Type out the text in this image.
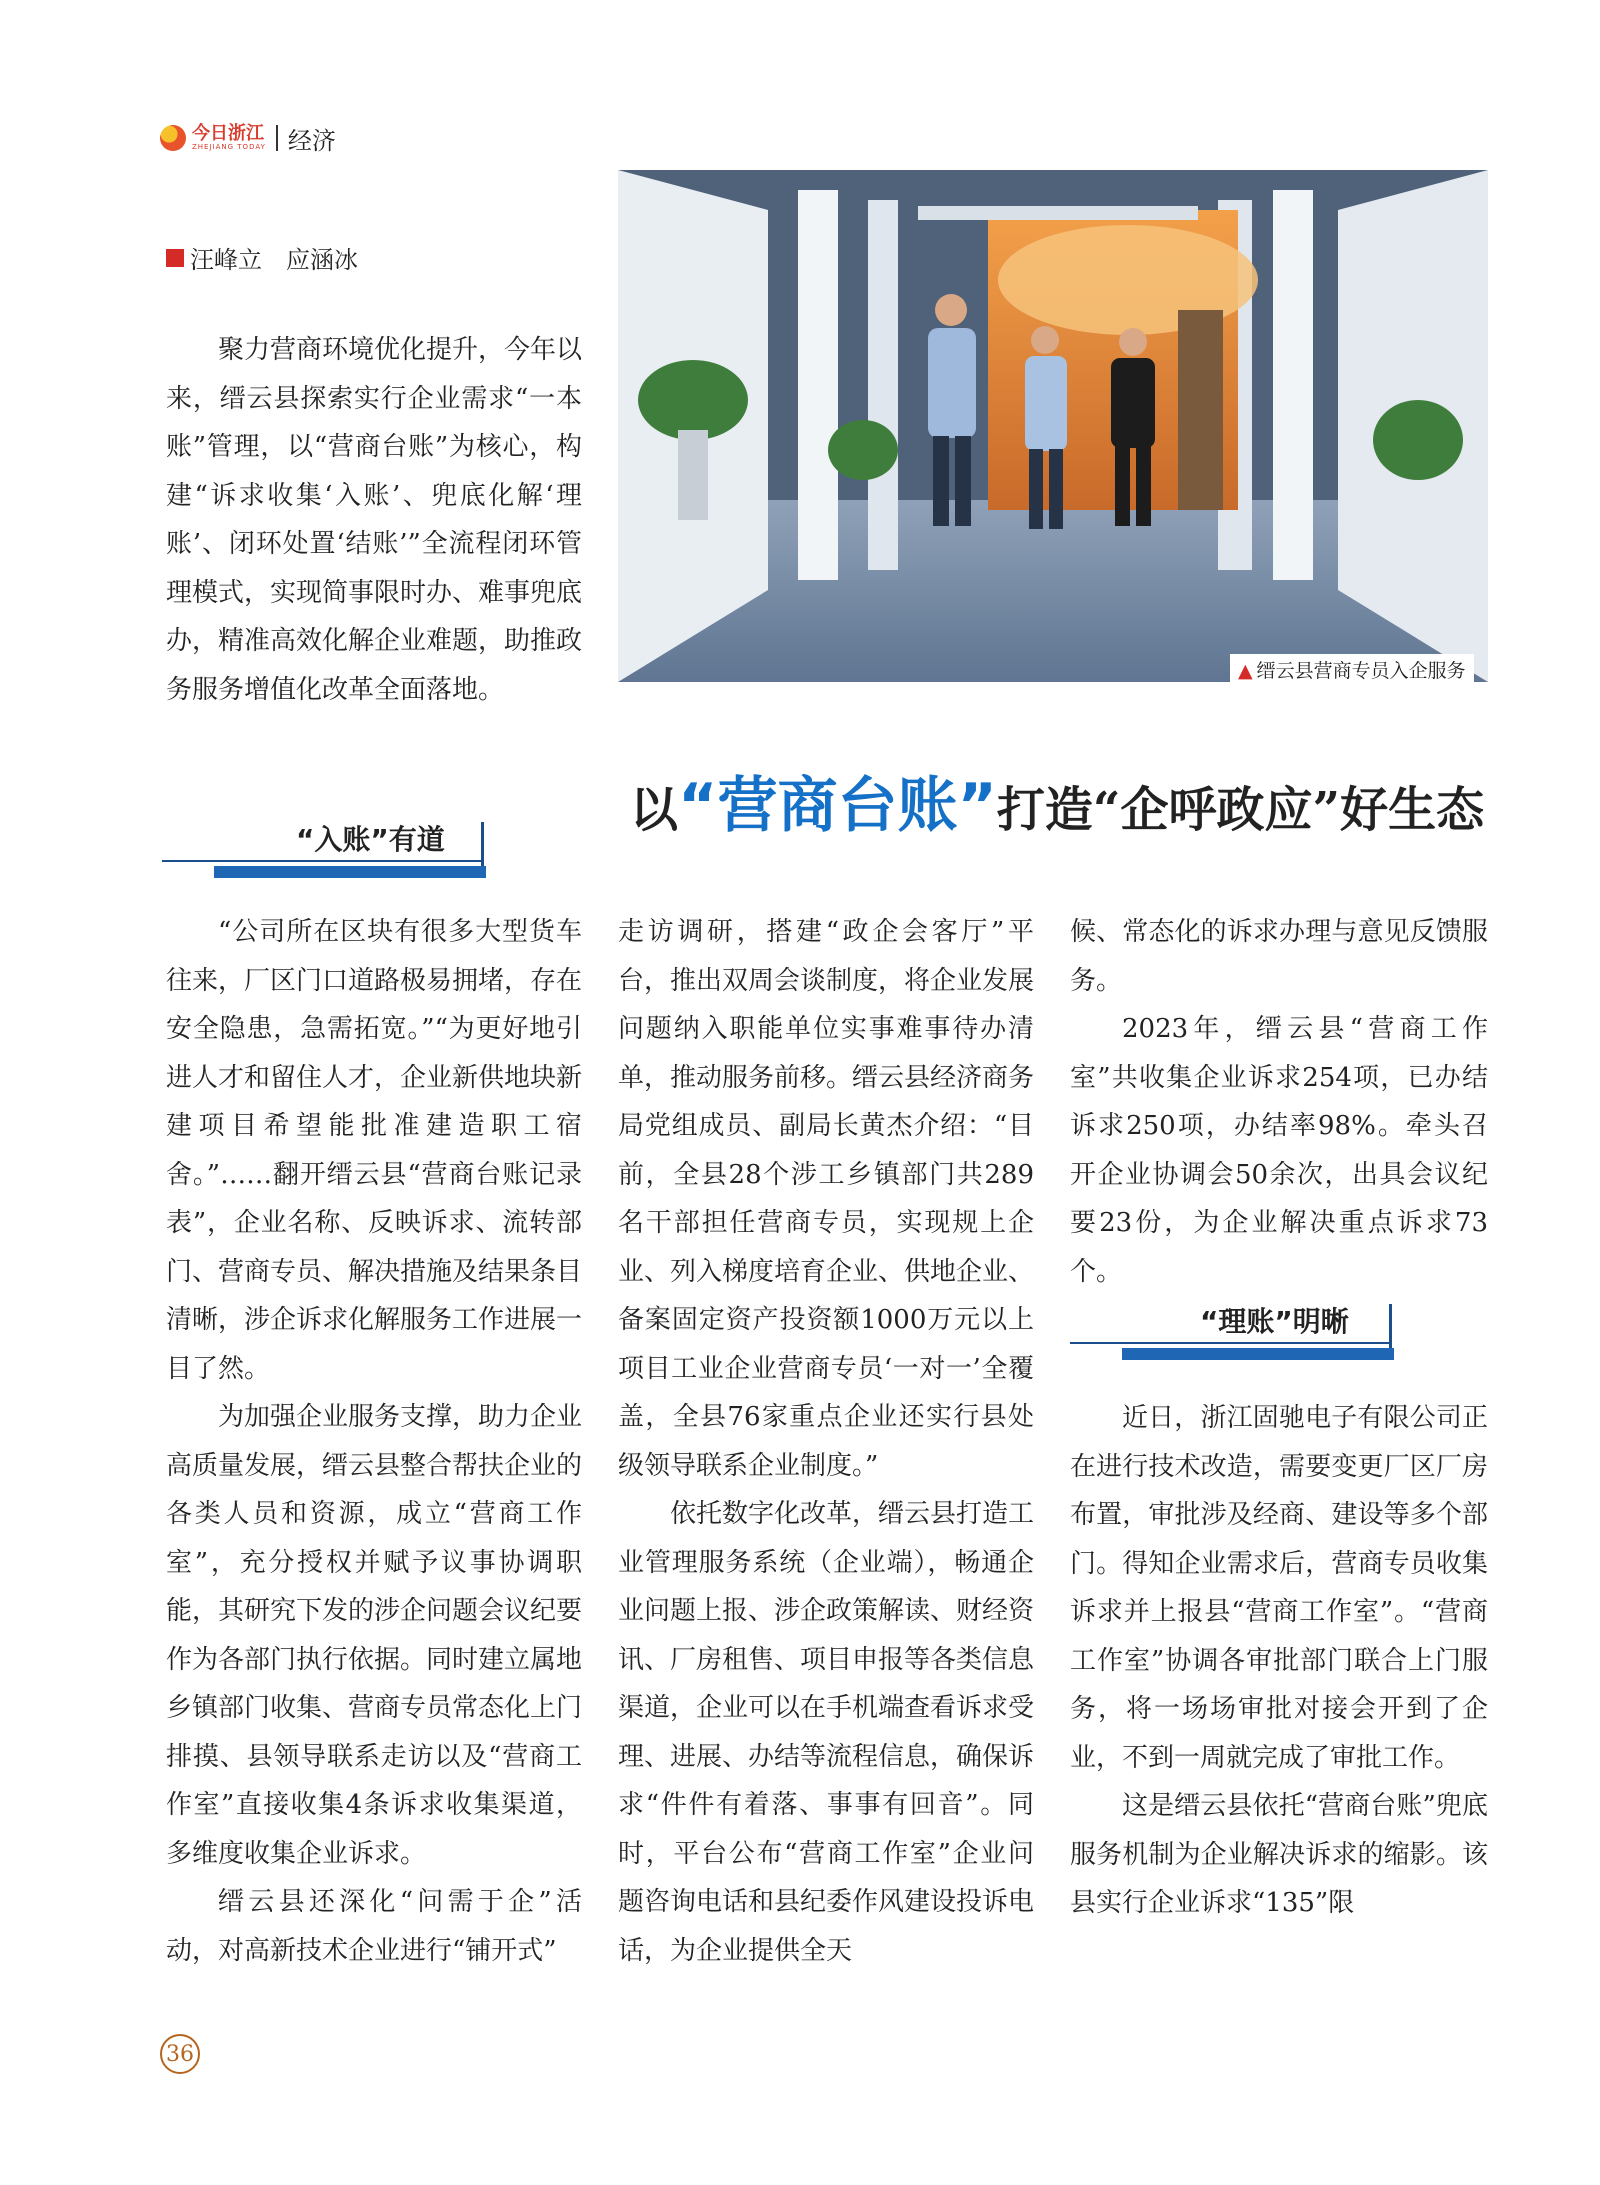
今日浙江
ZHEJIANG TODAY 经济
汪峰立　应涵冰

聚力营商环境优化提升，今年以来，缙云县探索实行企业需求“一本账”管理，以“营商台账”为核心，构建“诉求收集‘入账’、兜底化解‘理账’、闭环处置‘结账’”全流程闭环管理模式，实现简事限时办、难事兜底办，精准高效化解企业难题，助推政务服务增值化改革全面落地。

▲ 缙云县营商专员入企服务
以 “营商台账” 打造“企呼政应”好生态
“入账”有道

“公司所在区块有很多大型货车往来，厂区门口道路极易拥堵，存在安全隐患，急需拓宽。”“为更好地引进人才和留住人才，企业新供地块新建项目希望能批准建造职工宿舍。”……翻开缙云县“营商台账记录表”，企业名称、反映诉求、流转部门、营商专员、解决措施及结果条目清晰，涉企诉求化解服务工作进展一目了然。

为加强企业服务支撑，助力企业高质量发展，缙云县整合帮扶企业的各类人员和资源，成立“营商工作室”，充分授权并赋予议事协调职能，其研究下发的涉企问题会议纪要作为各部门执行依据。同时建立属地乡镇部门收集、营商专员常态化上门排摸、县领导联系走访以及“营商工作室”直接收集4条诉求收集渠道，多维度收集企业诉求。

缙云县还深化“问需于企”活动，对高新技术企业进行“铺开式”

走访调研，搭建“政企会客厅”平台，推出双周会谈制度，将企业发展问题纳入职能单位实事难事待办清单，推动服务前移。缙云县经济商务局党组成员、副局长黄杰介绍：“目前，全县28个涉工乡镇部门共289名干部担任营商专员，实现规上企业、列入梯度培育企业、供地企业、备案固定资产投资额1000万元以上项目工业企业营商专员‘一对一’全覆盖，全县76家重点企业还实行县处级领导联系企业制度。”

依托数字化改革，缙云县打造工业管理服务系统（企业端），畅通企业问题上报、涉企政策解读、财经资讯、厂房租售、项目申报等各类信息渠道，企业可以在手机端查看诉求受理、进展、办结等流程信息，确保诉求“件件有着落、事事有回音”。同时，平台公布“营商工作室”企业问题咨询电话和县纪委作风建设投诉电话，为企业提供全天

候、常态化的诉求办理与意见反馈服务。

2023年，缙云县“营商工作室”共收集企业诉求254项，已办结诉求250项，办结率98%。牵头召开企业协调会50余次，出具会议纪要23份，为企业解决重点诉求73个。

“理账”明晰

近日，浙江固驰电子有限公司正在进行技术改造，需要变更厂区厂房布置，审批涉及经商、建设等多个部门。得知企业需求后，营商专员收集诉求并上报县“营商工作室”。“营商工作室”协调各审批部门联合上门服务，将一场场审批对接会开到了企业，不到一周就完成了审批工作。

这是缙云县依托“营商台账”兜底服务机制为企业解决诉求的缩影。该县实行企业诉求“135”限

36
